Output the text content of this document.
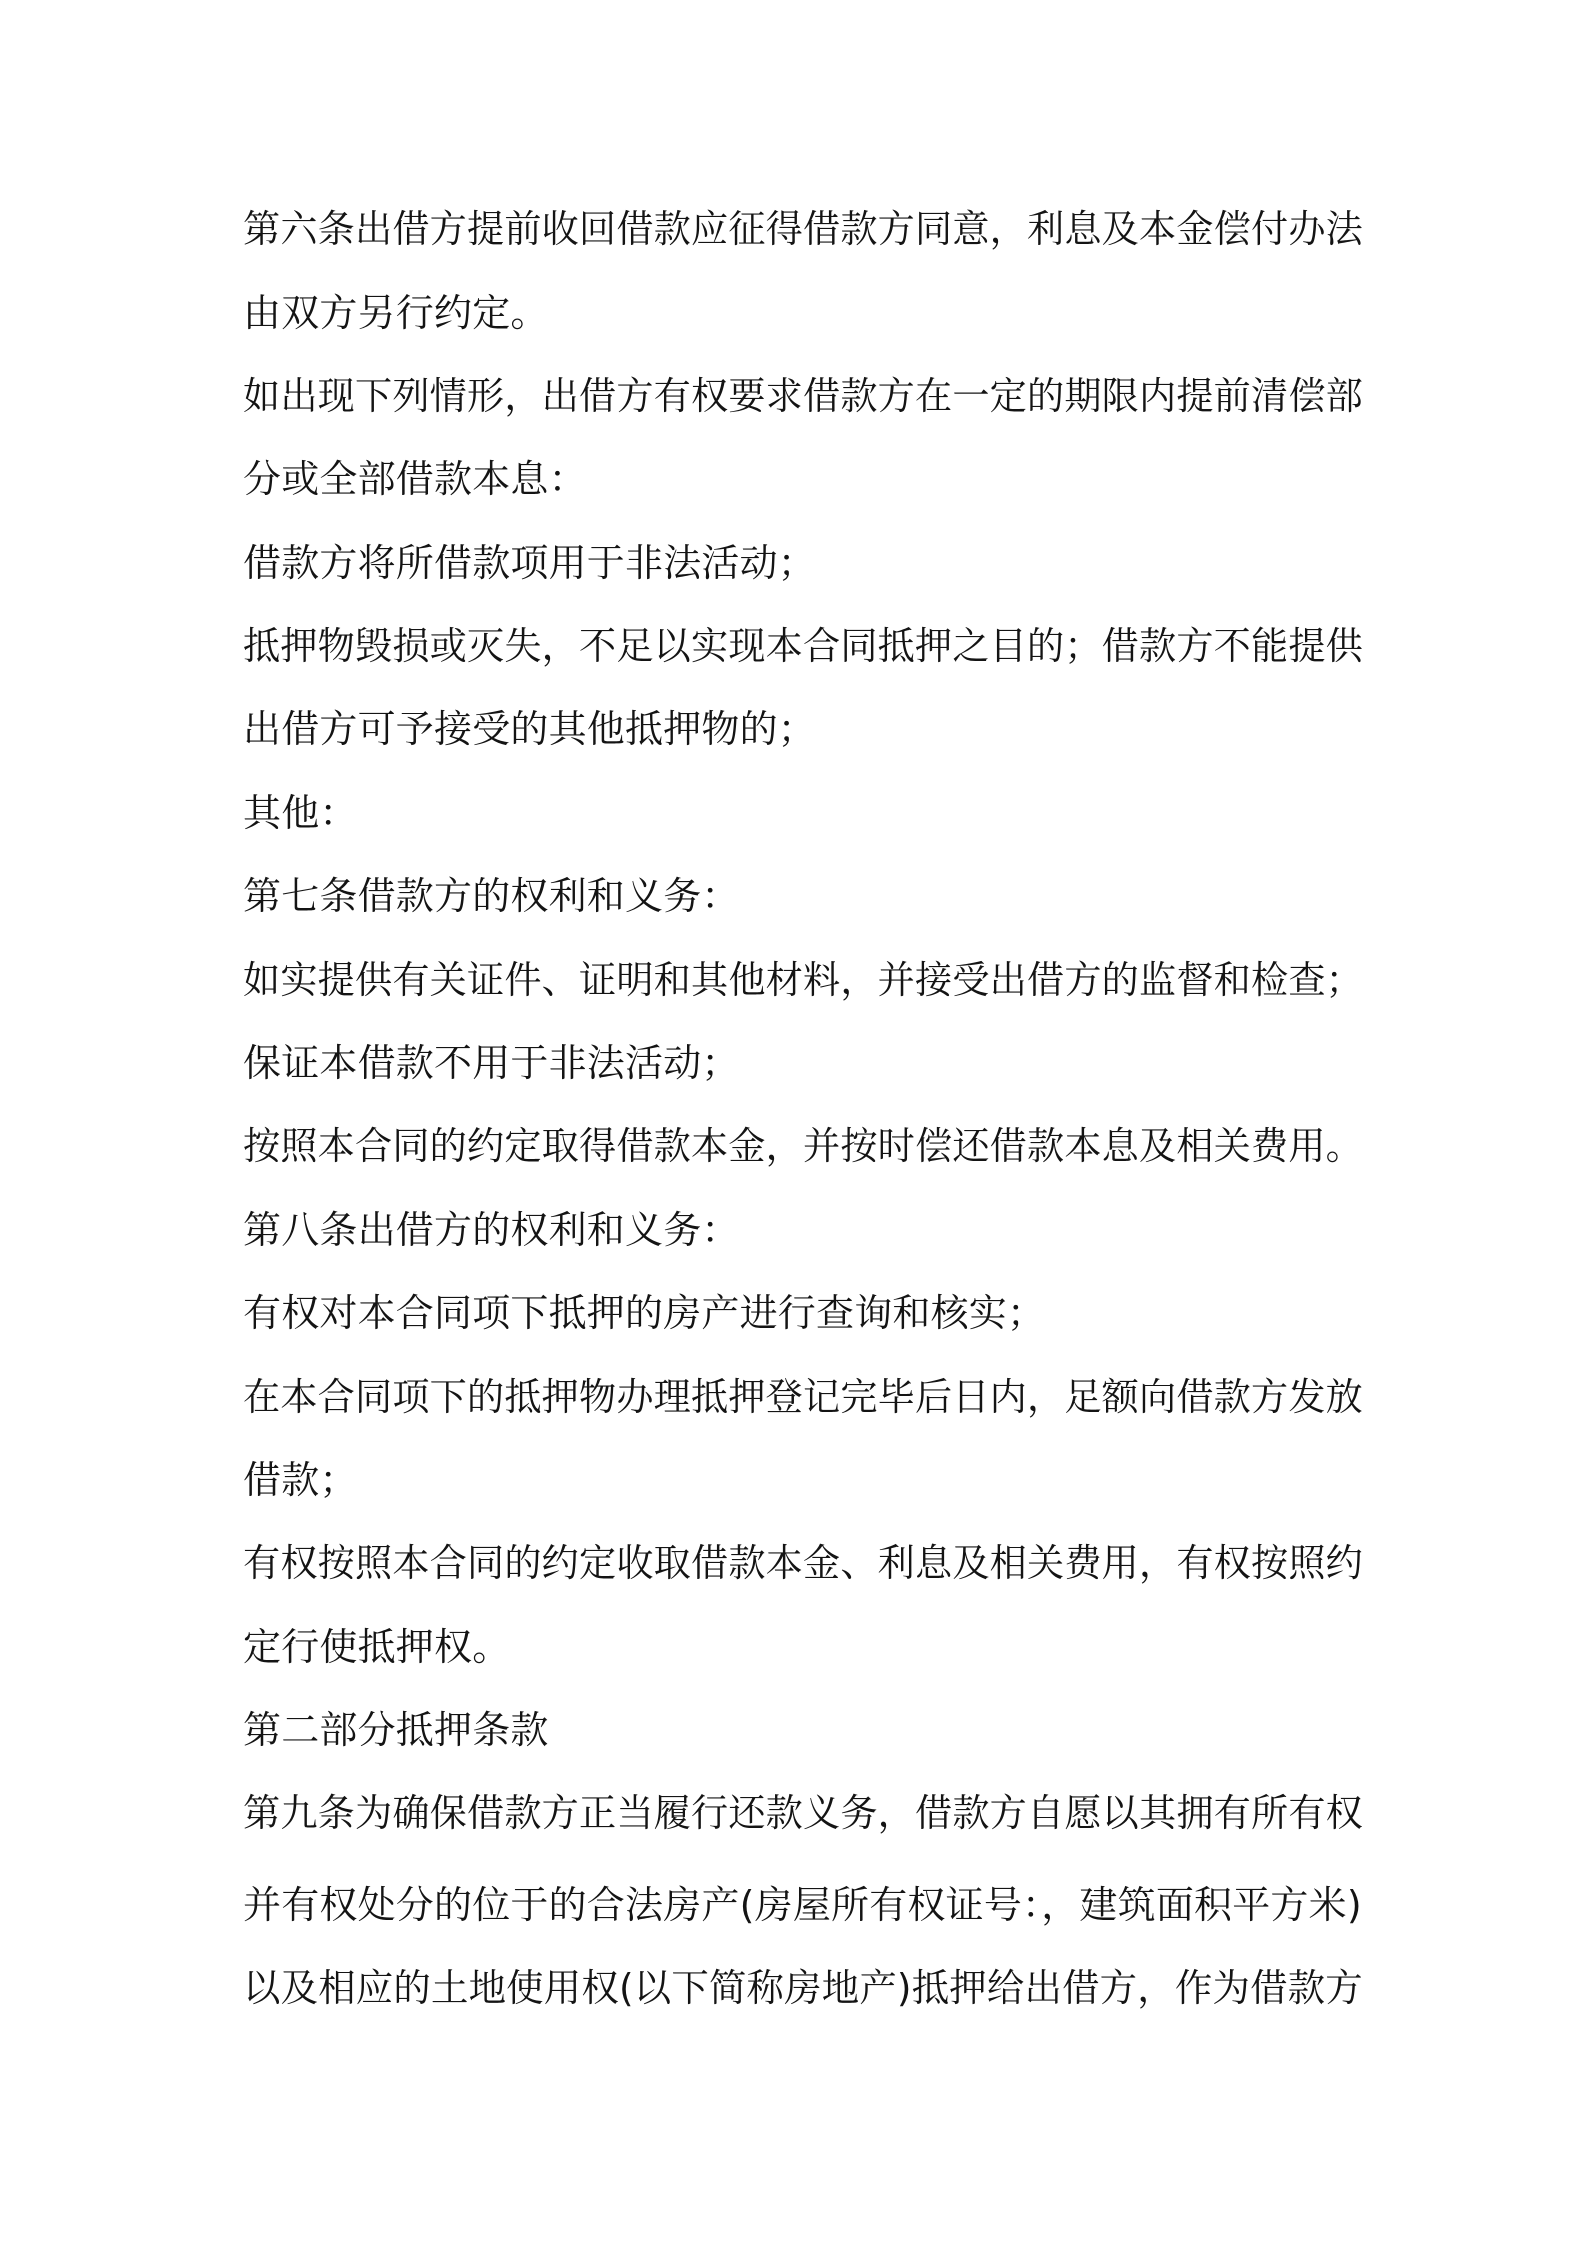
第六条出借方提前收回借款应征得借款方同意，利息及本金偿付办法

由双方另行约定。

如出现下列情形，出借方有权要求借款方在一定的期限内提前清偿部

分或全部借款本息：

借款方将所借款项用于非法活动；

抵押物毁损或灭失，不足以实现本合同抵押之目的；借款方不能提供

出借方可予接受的其他抵押物的；

其他：

第七条借款方的权利和义务：

如实提供有关证件、证明和其他材料，并接受出借方的监督和检查；

保证本借款不用于非法活动；

按照本合同的约定取得借款本金，并按时偿还借款本息及相关费用。

第八条出借方的权利和义务：

有权对本合同项下抵押的房产进行查询和核实；

在本合同项下的抵押物办理抵押登记完毕后日内，足额向借款方发放

借款；

有权按照本合同的约定收取借款本金、利息及相关费用，有权按照约

定行使抵押权。

第二部分抵押条款

第九条为确保借款方正当履行还款义务，借款方自愿以其拥有所有权

并有权处分的位于的合法房产(房屋所有权证号：，建筑面积平方米)

以及相应的土地使用权(以下简称房地产)抵押给出借方，作为借款方
